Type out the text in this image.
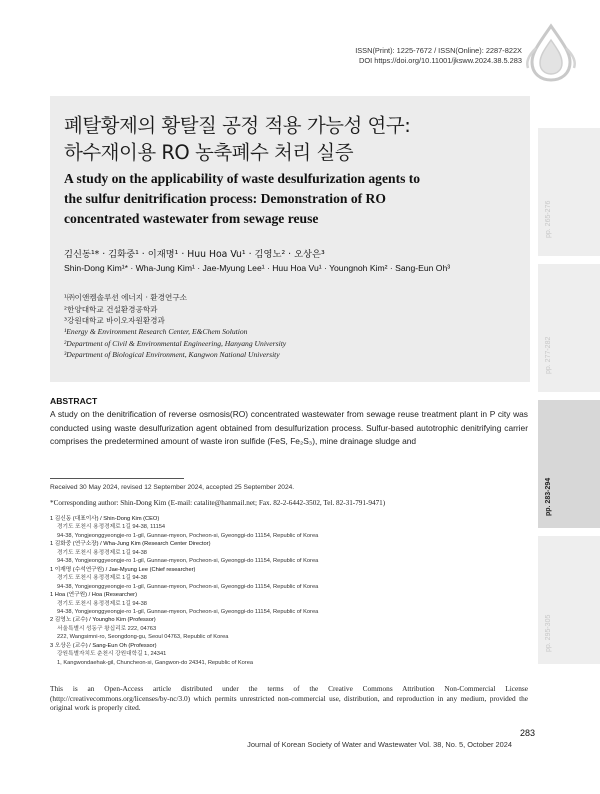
ISSN(Print): 1225-7672 / ISSN(Online): 2287-822X
DOI https://doi.org/10.11001/jksww.2024.38.5.283
폐탈황제의 황탈질 공정 적용 가능성 연구:
하수재이용 RO 농축폐수 처리 실증
A study on the applicability of waste desulfurization agents to
the sulfur denitrification process: Demonstration of RO
concentrated wastewater from sewage reuse
김신동¹* · 김화중¹ · 이재명¹ · Huu Hoa Vu¹ · 김영노² · 오상은³
Shin-Dong Kim¹* · Wha-Jung Kim¹ · Jae-Myung Lee¹ · Huu Hoa Vu¹ · Youngnoh Kim² · Sang-Eun Oh³
¹㈜이앤켐솔루션 에너지 · 환경연구소
²한양대학교 건설환경공학과
³강원대학교 바이오자원환경과
¹Energy & Environment Research Center, E&Chem Solution
²Department of Civil & Environmental Engineering, Hanyang University
³Department of Biological Environment, Kangwon National University
pp. 265-276
pp. 277-282
pp. 283-294
pp. 295-305
ABSTRACT
A study on the denitrification of reverse osmosis(RO) concentrated wastewater from sewage reuse treatment plant in P city was conducted using waste desulfurization agent obtained from desulfurization process. Sulfur-based autotrophic denitrifying carrier comprises the predetermined amount of waste iron sulfide (FeS, Fe₂S₃), mine drainage sludge and
Received 30 May 2024, revised 12 September 2024, accepted 25 September 2024.
*Corresponding author: Shin-Dong Kim (E-mail: catalite@hanmail.net; Fax. 82-2-6442-3502, Tel. 82-31-791-9471)
1 김신동 (대표이사) / Shin-Dong Kim (CEO)
경기도 포천시 용정경제로 1길 94-38, 11154
94-38, Yongjeonggyeongje-ro 1-gil, Gunnae-myeon, Pocheon-si, Gyeonggi-do 11154, Republic of Korea
1 김화중 (연구소장) / Wha-Jung Kim (Research Center Director)
경기도 포천시 용정경제로 1길 94-38
94-38, Yongjeonggyeongje-ro 1-gil, Gunnae-myeon, Pocheon-si, Gyeonggi-do 11154, Republic of Korea
1 이재명 (수석연구원) / Jae-Myung Lee (Chief researcher)
경기도 포천시 용정경제로 1길 94-38
94-38, Yongjeonggyeongje-ro 1-gil, Gunnae-myeon, Pocheon-si, Gyeonggi-do 11154, Republic of Korea
1 Hoa (연구원) / Hoa (Researcher)
경기도 포천시 용정경제로 1길 94-38
94-38, Yongjeonggyeongje-ro 1-gil, Gunnae-myeon, Pocheon-si, Gyeonggi-do 11154, Republic of Korea
2 김영노 (교수) / Youngho Kim (Professor)
서울특별시 성동구 왕십리로 222, 04763
222, Wangsimni-ro, Seongdong-gu, Seoul 04763, Republic of Korea
3 오상은 (교수) / Sang-Eun Oh (Professor)
강원특별자치도 춘천시 강원대학길 1, 24341
1, Kangwondaehak-gil, Chuncheon-si, Gangwon-do 24341, Republic of Korea
This is an Open-Access article distributed under the terms of the Creative Commons Attribution Non-Commercial License (http://creativecommons.org/licenses/by-nc/3.0) which permits unrestricted non-commercial use, distribution, and reproduction in any medium, provided the original work is properly cited.
283
Journal of Korean Society of Water and Wastewater Vol. 38, No. 5, October 2024
